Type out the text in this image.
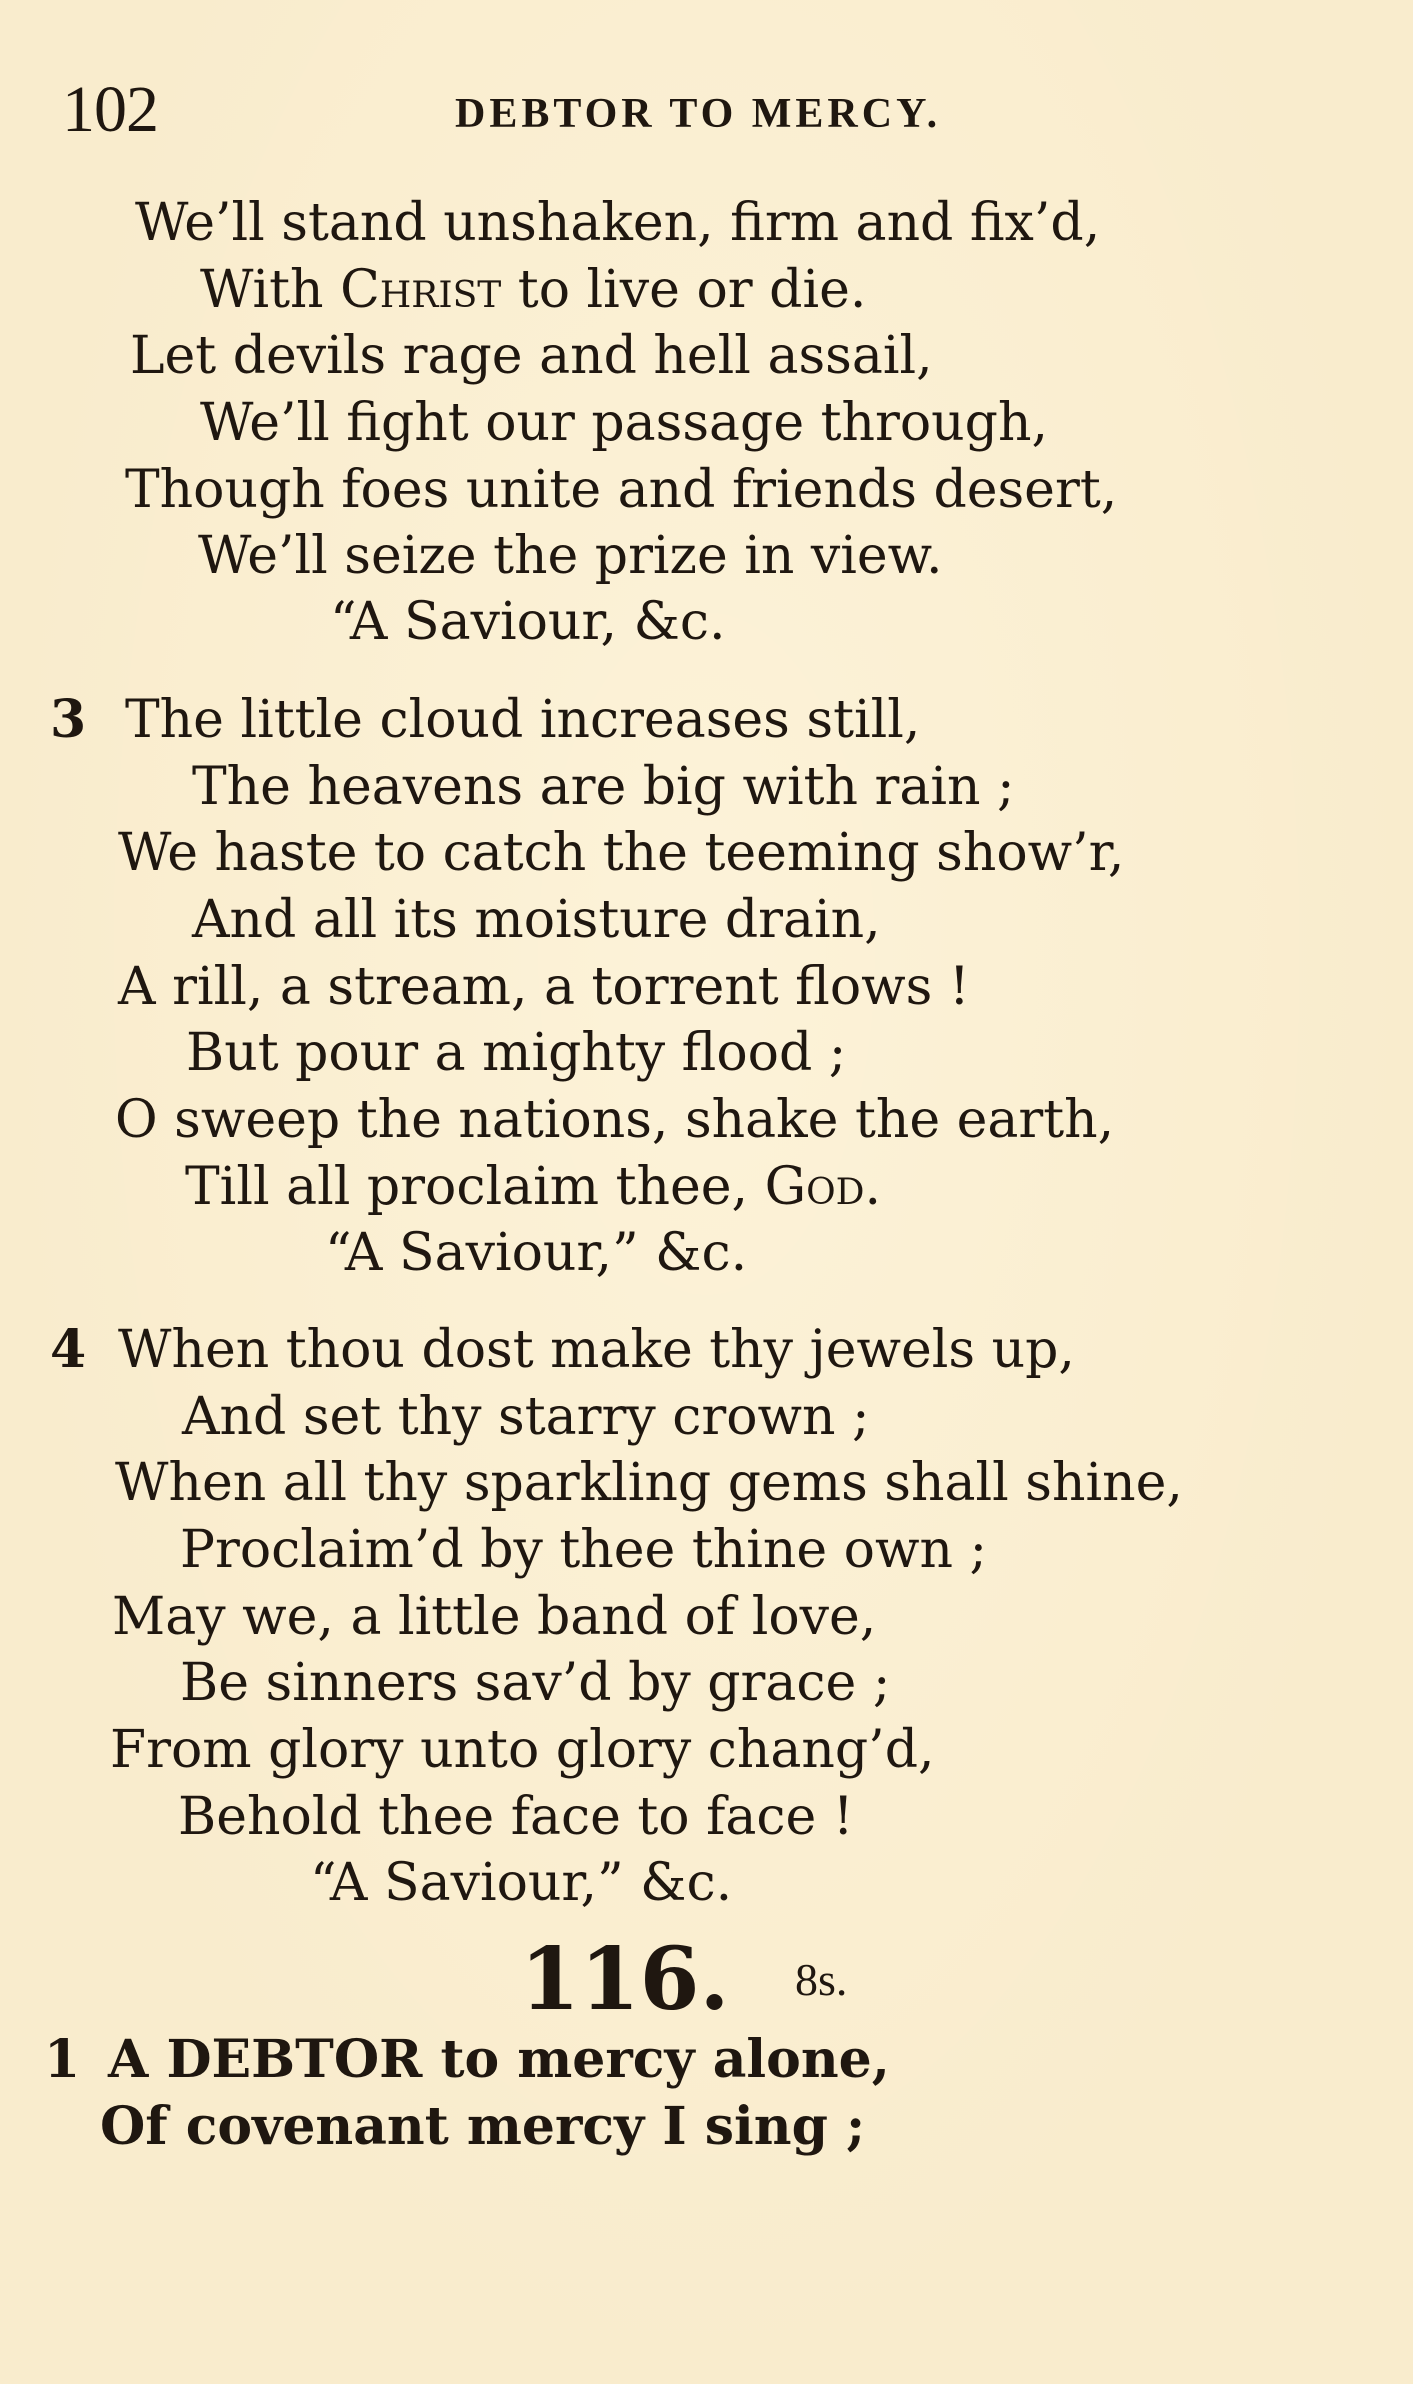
102	DEBTOR TO MERCY.
We’ll stand unshaken, firm and fix’d,
With Christ to live or die.
Let devils rage and hell assail,
We’ll fight our passage through,
Though foes unite and friends desert,
We’ll seize the prize in view.
“A Saviour, &c.
3 The little cloud increases still,
The heavens are big with rain ;
We haste to catch the teeming show’r,
And all its moisture drain,
A rill, a stream, a torrent flows !
But pour a mighty flood ;
O sweep the nations, shake the earth,
Till all proclaim thee, God.
“A Saviour,” &c.
4 When thou dost make thy jewels up,
And set thy starry crown ;
When all thy sparkling gems shall shine,
Proclaim’d by thee thine own ;
May we, a little band of love,
Be sinners sav’d by grace ;
From glory unto glory chang’d,
Behold thee face to face !
“A Saviour,” &c.
116. 8s.
1 A DEBTOR to mercy alone,
Of covenant mercy I sing ;
